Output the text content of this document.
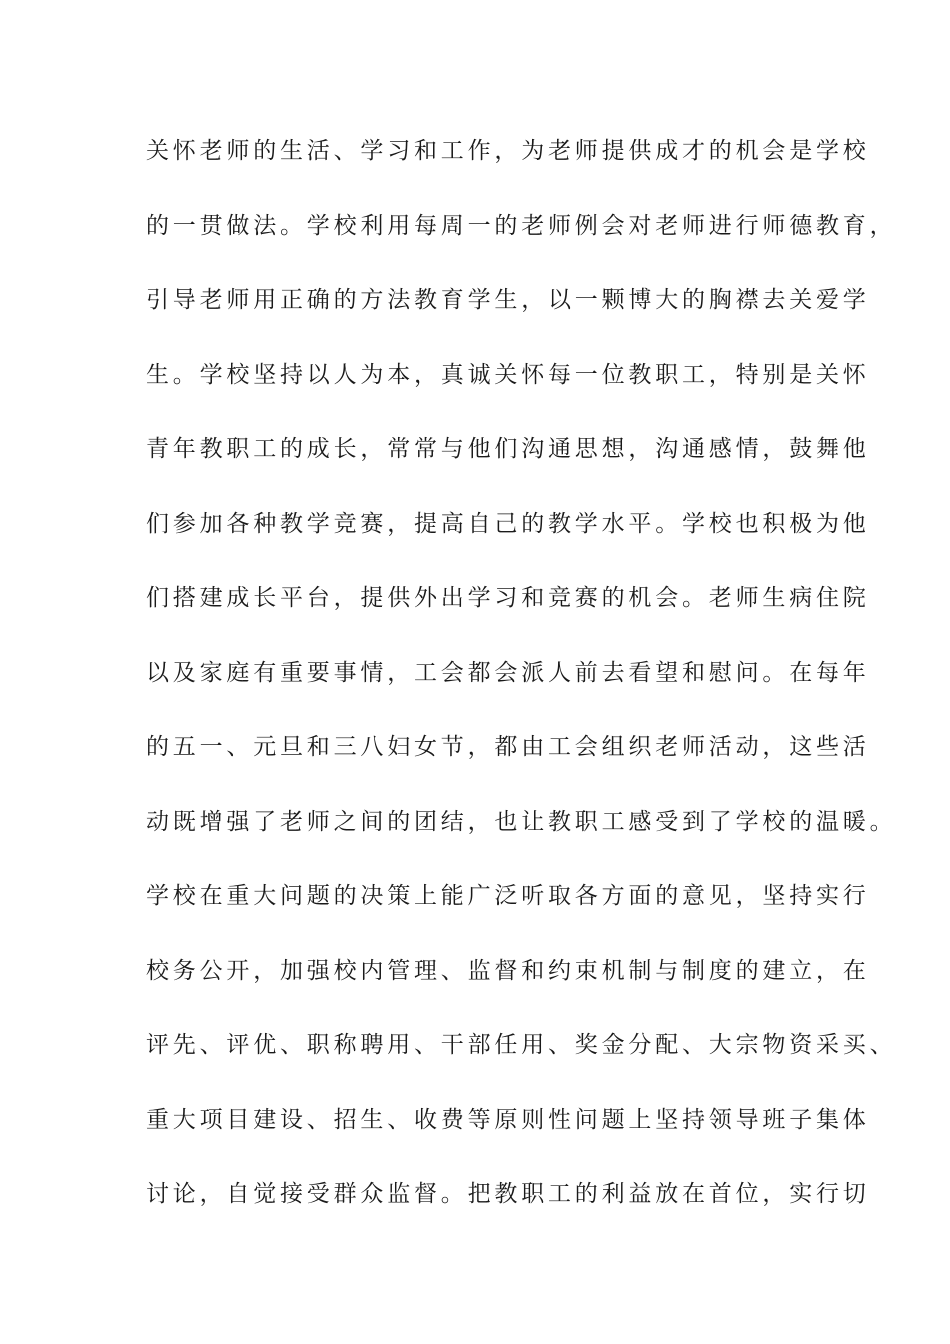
关怀老师的生活、学习和工作，为老师提供成才的机会是学校
的一贯做法。学校利用每周一的老师例会对老师进行师德教育，
引导老师用正确的方法教育学生，以一颗博大的胸襟去关爱学
生。学校坚持以人为本，真诚关怀每一位教职工，特别是关怀
青年教职工的成长，常常与他们沟通思想，沟通感情，鼓舞他
们参加各种教学竞赛，提高自己的教学水平。学校也积极为他
们搭建成长平台，提供外出学习和竞赛的机会。老师生病住院
以及家庭有重要事情，工会都会派人前去看望和慰问。在每年
的五一、元旦和三八妇女节，都由工会组织老师活动，这些活
动既增强了老师之间的团结，也让教职工感受到了学校的温暖。
学校在重大问题的决策上能广泛听取各方面的意见，坚持实行
校务公开，加强校内管理、监督和约束机制与制度的建立，在
评先、评优、职称聘用、干部任用、奖金分配、大宗物资采买、
重大项目建设、招生、收费等原则性问题上坚持领导班子集体
讨论，自觉接受群众监督。把教职工的利益放在首位，实行切
